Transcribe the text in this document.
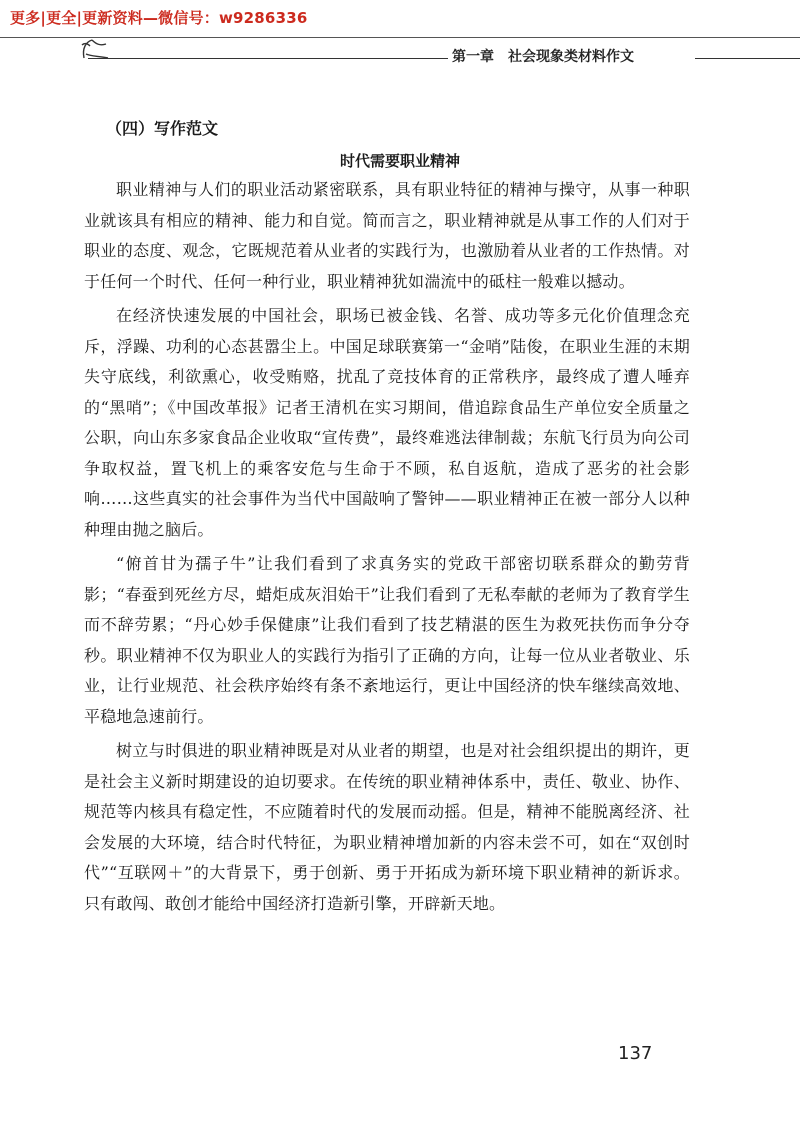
更多|更全|更新资料—微信号：w9286336
第一章　社会现象类材料作文
（四）写作范文
时代需要职业精神

职业精神与人们的职业活动紧密联系，具有职业特征的精神与操守，从事一种职业就该具有相应的精神、能力和自觉。简而言之，职业精神就是从事工作的人们对于职业的态度、观念，它既规范着从业者的实践行为，也激励着从业者的工作热情。对于任何一个时代、任何一种行业，职业精神犹如湍流中的砥柱一般难以撼动。

在经济快速发展的中国社会，职场已被金钱、名誉、成功等多元化价值理念充斥，浮躁、功利的心态甚嚣尘上。中国足球联赛第一“金哨”陆俊，在职业生涯的末期失守底线，利欲熏心，收受贿赂，扰乱了竞技体育的正常秩序，最终成了遭人唾弃的“黑哨”；《中国改革报》记者王清机在实习期间，借追踪食品生产单位安全质量之公职，向山东多家食品企业收取“宣传费”，最终难逃法律制裁；东航飞行员为向公司争取权益，置飞机上的乘客安危与生命于不顾，私自返航，造成了恶劣的社会影响……这些真实的社会事件为当代中国敲响了警钟——职业精神正在被一部分人以种种理由抛之脑后。

“俯首甘为孺子牛”让我们看到了求真务实的党政干部密切联系群众的勤劳背影；“春蚕到死丝方尽，蜡炬成灰泪始干”让我们看到了无私奉献的老师为了教育学生而不辞劳累；“丹心妙手保健康”让我们看到了技艺精湛的医生为救死扶伤而争分夺秒。职业精神不仅为职业人的实践行为指引了正确的方向，让每一位从业者敬业、乐业，让行业规范、社会秩序始终有条不紊地运行，更让中国经济的快车继续高效地、平稳地急速前行。

树立与时俱进的职业精神既是对从业者的期望，也是对社会组织提出的期许，更是社会主义新时期建设的迫切要求。在传统的职业精神体系中，责任、敬业、协作、规范等内核具有稳定性，不应随着时代的发展而动摇。但是，精神不能脱离经济、社会发展的大环境，结合时代特征，为职业精神增加新的内容未尝不可，如在“双创时代”“互联网＋”的大背景下，勇于创新、勇于开拓成为新环境下职业精神的新诉求。只有敢闯、敢创才能给中国经济打造新引擎，开辟新天地。

137
